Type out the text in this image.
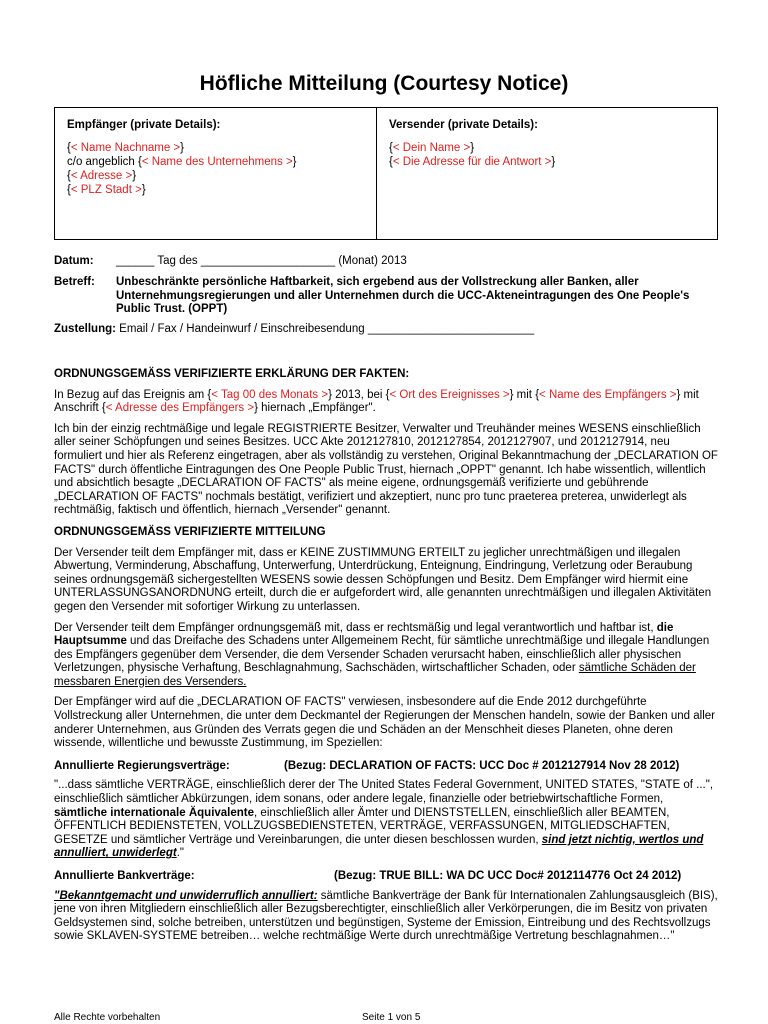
Höfliche Mitteilung (Courtesy Notice)
Empfänger (private Details):
{< Name Nachname >}
c/o angeblich {< Name des Unternehmens >}
{< Adresse >}
{< PLZ Stadt >}
Versender (private Details):
{< Dein Name >}
{< Die Adresse für die Antwort >}
Datum: ______ Tag des _____________________ (Monat) 2013
Betreff: Unbeschränkte persönliche Haftbarkeit, sich ergebend aus der Vollstreckung aller Banken, aller Unternehmungsregierungen und aller Unternehmen durch die UCC-Akteneintragungen des One People's Public Trust. (OPPT)
Zustellung: Email / Fax / Handeinwurf / Einschreibesendung __________________________
ORDNUNGSGEMÄSS VERIFIZIERTE ERKLÄRUNG DER FAKTEN:

In Bezug auf das Ereignis am {< Tag 00 des Monats >} 2013, bei {< Ort des Ereignisses >} mit {< Name des Empfängers >} mit Anschrift {< Adresse des Empfängers >} hiernach „Empfänger".

Ich bin der einzig rechtmäßige und legale REGISTRIERTE Besitzer, Verwalter und Treuhänder meines WESENS einschließlich aller seiner Schöpfungen und seines Besitzes. UCC Akte 2012127810, 2012127854, 2012127907, und 2012127914, neu formuliert und hier als Referenz eingetragen, aber als vollständig zu verstehen, Original Bekanntmachung der „DECLARATION OF FACTS" durch öffentliche Eintragungen des One People Public Trust, hiernach „OPPT" genannt. Ich habe wissentlich, willentlich und absichtlich besagte „DECLARATION OF FACTS" als meine eigene, ordnungsgemäß verifizierte und gebührende „DECLARATION OF FACTS" nochmals bestätigt, verifiziert und akzeptiert, nunc pro tunc praeterea preterea, unwiderlegt als rechtmäßig, faktisch und öffentlich, hiernach „Versender" genannt.

ORDNUNGSGEMÄSS VERIFIZIERTE MITTEILUNG

Der Versender teilt dem Empfänger mit, dass er KEINE ZUSTIMMUNG ERTEILT zu jeglicher unrechtmäßigen und illegalen Abwertung, Verminderung, Abschaffung, Unterwerfung, Unterdrückung, Enteignung, Eindringung, Verletzung oder Beraubung seines ordnungsgemäß sichergestellten WESENS sowie dessen Schöpfungen und Besitz. Dem Empfänger wird hiermit eine UNTERLASSUNGSANORDNUNG erteilt, durch die er aufgefordert wird, alle genannten unrechtmäßigen und illegalen Aktivitäten gegen den Versender mit sofortiger Wirkung zu unterlassen.

Der Versender teilt dem Empfänger ordnungsgemäß mit, dass er rechtsmäßig und legal verantwortlich und haftbar ist, die Hauptsumme und das Dreifache des Schadens unter Allgemeinem Recht, für sämtliche unrechtmäßige und illegale Handlungen des Empfängers gegenüber dem Versender, die dem Versender Schaden verursacht haben, einschließlich aller physischen Verletzungen, physische Verhaftung, Beschlagnahmung, Sachschäden, wirtschaftlicher Schaden, oder sämtliche Schäden der messbaren Energien des Versenders.

Der Empfänger wird auf die „DECLARATION OF FACTS" verwiesen, insbesondere auf die Ende 2012 durchgeführte Vollstreckung aller Unternehmen, die unter dem Deckmantel der Regierungen der Menschen handeln, sowie der Banken und aller anderer Unternehmen, aus Gründen des Verrats gegen die und Schäden an der Menschheit dieses Planeten, ohne deren wissende, willentliche und bewusste Zustimmung, im Speziellen:

Annullierte Regierungsverträge:	(Bezug: DECLARATION OF FACTS: UCC Doc # 2012127914 Nov 28 2012)

"...dass sämtliche VERTRÄGE, einschließlich derer der The United States Federal Government, UNITED STATES, "STATE of ...", einschließlich sämtlicher Abkürzungen, idem sonans, oder andere legale, finanzielle oder betriebwirtschaftliche Formen, sämtliche internationale Äquivalente, einschließlich aller Ämter und DIENSTSTELLEN, einschließlich aller BEAMTEN, ÖFFENTLICH BEDIENSTETEN, VOLLZUGSBEDIENSTETEN, VERTRÄGE, VERFASSUNGEN, MITGLIEDSCHAFTEN, GESETZE und sämtlicher Verträge und Vereinbarungen, die unter diesen beschlossen wurden, sind jetzt nichtig, wertlos und annulliert, unwiderlegt."

Annullierte Bankverträge:	(Bezug: TRUE BILL: WA DC UCC Doc# 2012114776 Oct 24 2012)

"Bekanntgemacht und unwiderruflich annulliert: sämtliche Bankverträge der Bank für Internationalen Zahlungsausgleich (BIS), jene von ihren Mitgliedern einschließlich aller Bezugsberechtigter, einschließlich aller Verkörperungen, die im Besitz von privaten Geldsystemen sind, solche betreiben, unterstützen und begünstigen, Systeme der Emission, Eintreibung und des Rechtsvollzugs sowie SKLAVEN-SYSTEME betreiben… welche rechtmäßige Werte durch unrechtmäßige Vertretung beschlagnahmen…"

Alle Rechte vorbehalten	Seite 1 von 5
